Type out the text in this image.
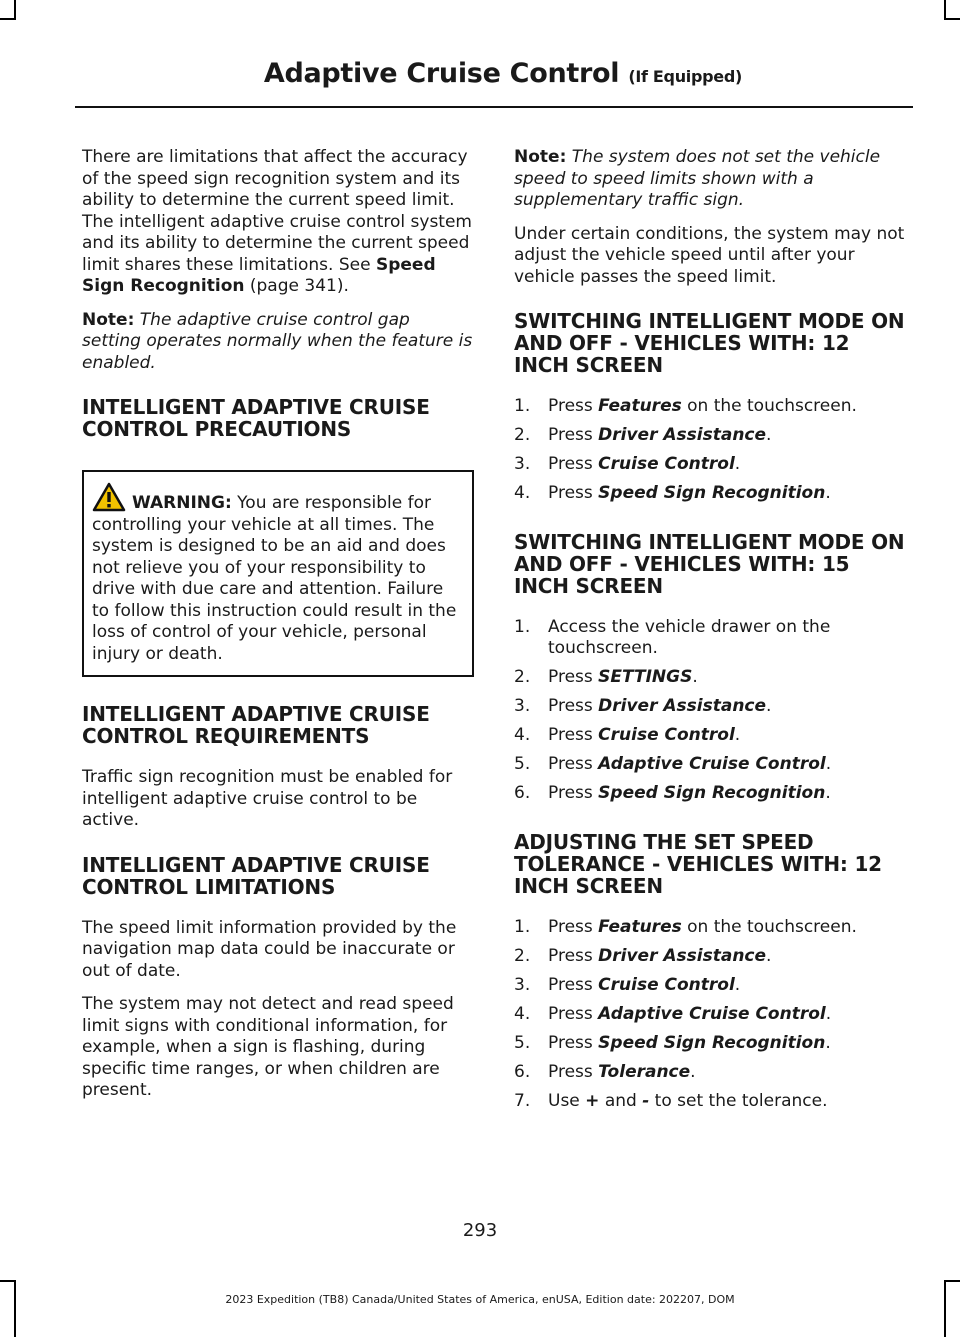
Adaptive Cruise Control (If Equipped)

There are limitations that affect the accuracy of the speed sign recognition system and its ability to determine the current speed limit. The intelligent adaptive cruise control system and its ability to determine the current speed limit shares these limitations. See Speed Sign Recognition (page 341).

Note: The adaptive cruise control gap setting operates normally when the feature is enabled.

INTELLIGENT ADAPTIVE CRUISE CONTROL PRECAUTIONS
WARNING: You are responsible for controlling your vehicle at all times. The system is designed to be an aid and does not relieve you of your responsibility to drive with due care and attention. Failure to follow this instruction could result in the loss of control of your vehicle, personal injury or death.
INTELLIGENT ADAPTIVE CRUISE CONTROL REQUIREMENTS

Traffic sign recognition must be enabled for intelligent adaptive cruise control to be active.

INTELLIGENT ADAPTIVE CRUISE CONTROL LIMITATIONS

The speed limit information provided by the navigation map data could be inaccurate or out of date.

The system may not detect and read speed limit signs with conditional information, for example, when a sign is flashing, during specific time ranges, or when children are present.

Note: The system does not set the vehicle speed to speed limits shown with a supplementary traffic sign.

Under certain conditions, the system may not adjust the vehicle speed until after your vehicle passes the speed limit.

SWITCHING INTELLIGENT MODE ON AND OFF - VEHICLES WITH: 12 INCH SCREEN
1.	Press Features on the touchscreen.
2.	Press Driver Assistance.
3.	Press Cruise Control.
4.	Press Speed Sign Recognition.
SWITCHING INTELLIGENT MODE ON AND OFF - VEHICLES WITH: 15 INCH SCREEN
1.	Access the vehicle drawer on the touchscreen.
2.	Press SETTINGS.
3.	Press Driver Assistance.
4.	Press Cruise Control.
5.	Press Adaptive Cruise Control.
6.	Press Speed Sign Recognition.
ADJUSTING THE SET SPEED TOLERANCE - VEHICLES WITH: 12 INCH SCREEN
1.	Press Features on the touchscreen.
2.	Press Driver Assistance.
3.	Press Cruise Control.
4.	Press Adaptive Cruise Control.
5.	Press Speed Sign Recognition.
6.	Press Tolerance.
7.	Use + and - to set the tolerance.
293
2023 Expedition (TB8) Canada/United States of America, enUSA, Edition date: 202207, DOM
